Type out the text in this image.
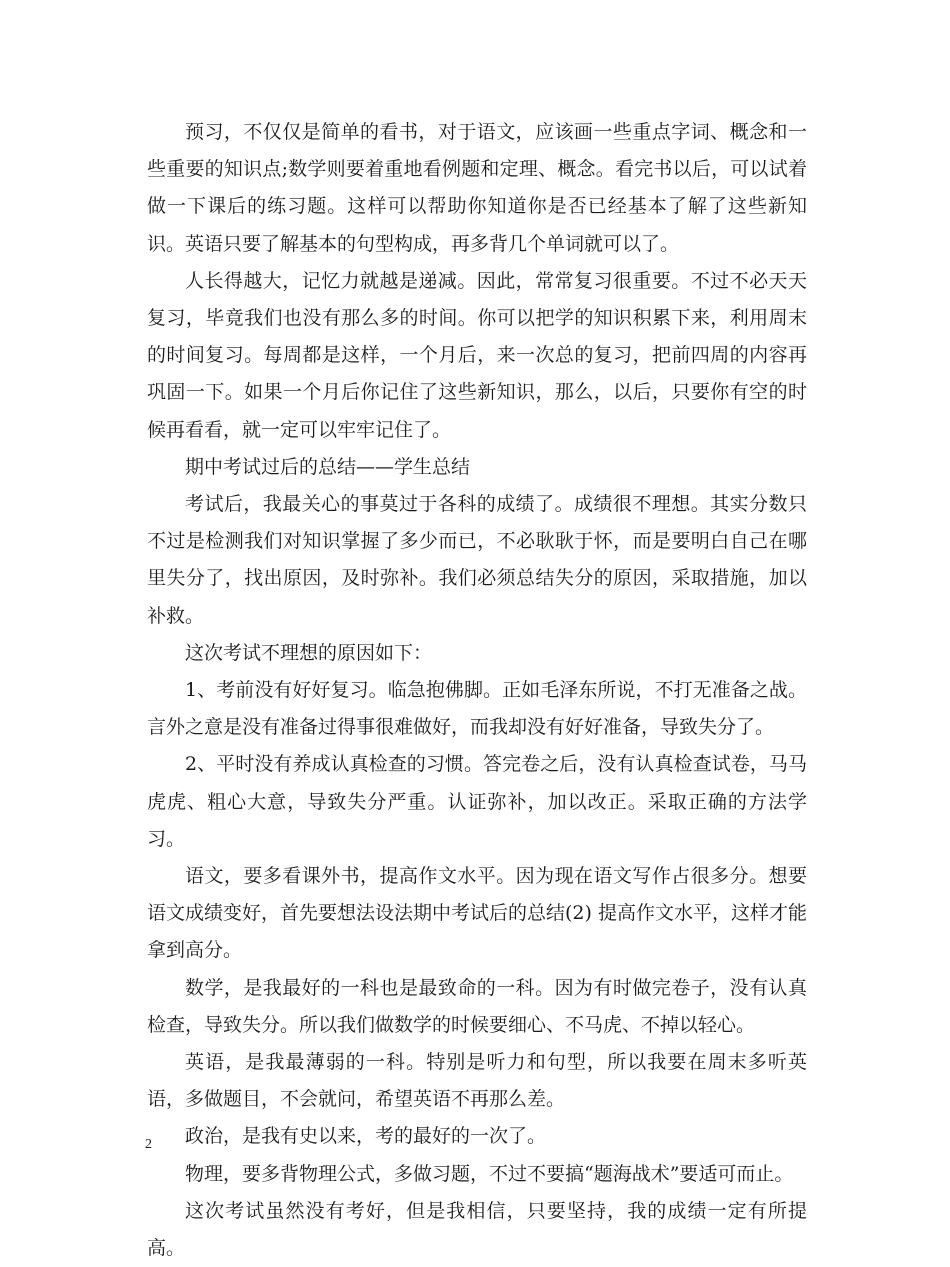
预习，不仅仅是简单的看书，对于语文，应该画一些重点字词、概念和一些重要的知识点;数学则要着重地看例题和定理、概念。看完书以后，可以试着做一下课后的练习题。这样可以帮助你知道你是否已经基本了解了这些新知识。英语只要了解基本的句型构成，再多背几个单词就可以了。

人长得越大，记忆力就越是递减。因此，常常复习很重要。不过不必天天复习，毕竟我们也没有那么多的时间。你可以把学的知识积累下来，利用周末的时间复习。每周都是这样，一个月后，来一次总的复习，把前四周的内容再巩固一下。如果一个月后你记住了这些新知识，那么，以后，只要你有空的时候再看看，就一定可以牢牢记住了。

期中考试过后的总结——学生总结

考试后，我最关心的事莫过于各科的成绩了。成绩很不理想。其实分数只不过是检测我们对知识掌握了多少而已，不必耿耿于怀，而是要明白自己在哪里失分了，找出原因，及时弥补。我们必须总结失分的原因，采取措施，加以补救。

这次考试不理想的原因如下：

1、考前没有好好复习。临急抱佛脚。正如毛泽东所说，不打无准备之战。言外之意是没有准备过得事很难做好，而我却没有好好准备，导致失分了。

2、平时没有养成认真检查的习惯。答完卷之后，没有认真检查试卷，马马虎虎、粗心大意，导致失分严重。认证弥补，加以改正。采取正确的方法学习。

语文，要多看课外书，提高作文水平。因为现在语文写作占很多分。想要语文成绩变好，首先要想法设法期中考试后的总结(2) 提高作文水平，这样才能拿到高分。

数学，是我最好的一科也是最致命的一科。因为有时做完卷子，没有认真检查，导致失分。所以我们做数学的时候要细心、不马虎、不掉以轻心。

英语，是我最薄弱的一科。特别是听力和句型，所以我要在周末多听英语，多做题目，不会就问，希望英语不再那么差。

政治，是我有史以来，考的最好的一次了。

物理，要多背物理公式，多做习题，不过不要搞“题海战术”要适可而止。

这次考试虽然没有考好，但是我相信，只要坚持，我的成绩一定有所提高。

2
